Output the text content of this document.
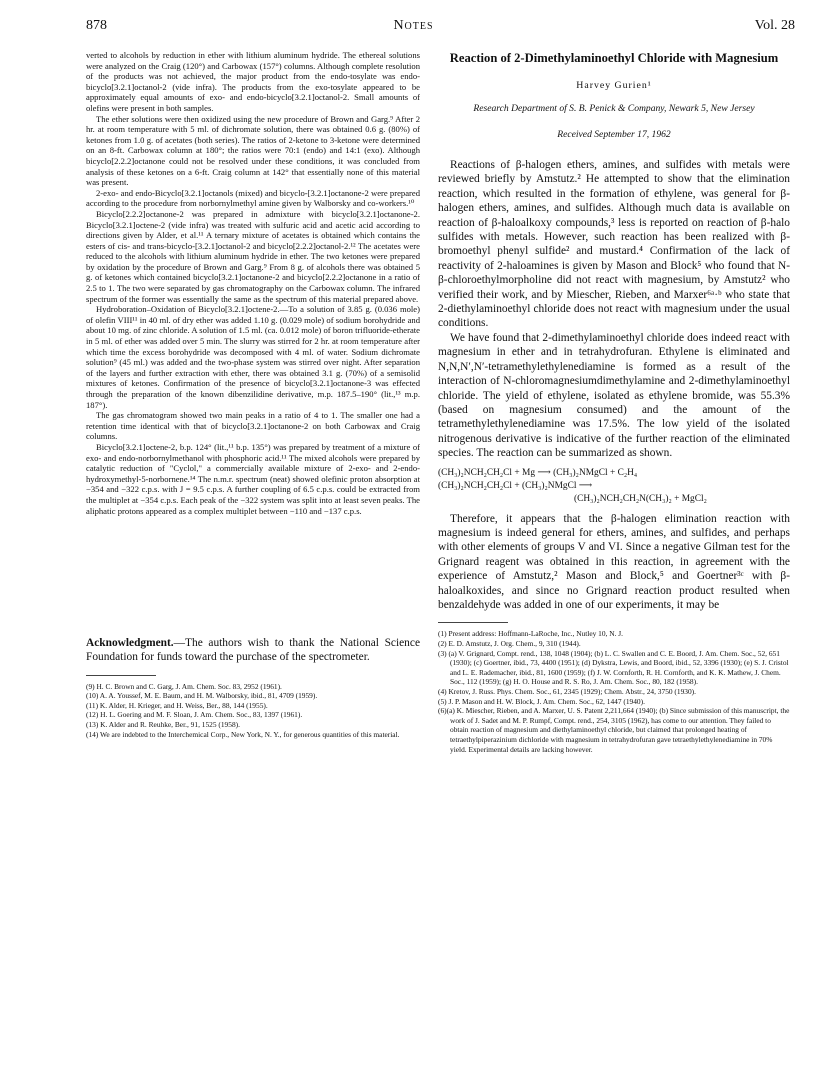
878	Notes	Vol. 28

verted to alcohols by reduction in ether with lithium aluminum hydride. The ethereal solutions were analyzed on the Craig (120°) and Carbowax (157°) columns. Although complete resolution of the products was not achieved, the major product from the endo-tosylate was endo-bicyclo[3.2.1]octanol-2 (vide infra). The products from the exo-tosylate appeared to be approximately equal amounts of exo- and endo-bicyclo[3.2.1]octanol-2. Small amounts of olefins were present in both samples.

The ether solutions were then oxidized using the new procedure of Brown and Garg.⁹ After 2 hr. at room temperature with 5 ml. of dichromate solution, there was obtained 0.6 g. (80%) of ketones from 1.0 g. of acetates (both series). The ratios of 2-ketone to 3-ketone were determined on an 8-ft. Carbowax column at 180°; the ratios were 70:1 (endo) and 14:1 (exo). Although bicyclo[2.2.2]octanone could not be resolved under these conditions, it was concluded from analysis of these ketones on a 6-ft. Craig column at 142° that essentially none of this material was present.

2-exo- and endo-Bicyclo[3.2.1]octanols (mixed) and bicyclo-[3.2.1]octanone-2 were prepared according to the procedure from norbornylmethyl amine given by Walborsky and co-workers.¹⁰

Bicyclo[2.2.2]octanone-2 was prepared in admixture with bicyclo[3.2.1]octanone-2. Bicyclo[3.2.1]octene-2 (vide infra) was treated with sulfuric acid and acetic acid according to directions given by Alder, et al.¹¹ A ternary mixture of acetates is obtained which contains the esters of cis- and trans-bicyclo-[3.2.1]octanol-2 and bicyclo[2.2.2]octanol-2.¹² The acetates were reduced to the alcohols with lithium aluminum hydride in ether. The two ketones were prepared by oxidation by the procedure of Brown and Garg.⁹ From 8 g. of alcohols there was obtained 5 g. of ketones which contained bicyclo[3.2.1]octanone-2 and bicyclo[2.2.2]octanone in a ratio of 2.5 to 1. The two were separated by gas chromatography on the Carbowax column. The infrared spectrum of the former was essentially the same as the spectrum of this material prepared above.

Hydroboration–Oxidation of Bicyclo[3.2.1]octene-2.—To a solution of 3.85 g. (0.036 mole) of olefin VIII¹¹ in 40 ml. of dry ether was added 1.10 g. (0.029 mole) of sodium borohydride and about 10 mg. of zinc chloride. A solution of 1.5 ml. (ca. 0.012 mole) of boron trifluoride-etherate in 5 ml. of ether was added over 5 min. The slurry was stirred for 2 hr. at room temperature after which time the excess borohydride was decomposed with 4 ml. of water. Sodium dichromate solution⁹ (45 ml.) was added and the two-phase system was stirred over night. After separation of the layers and further extraction with ether, there was obtained 3.1 g. (70%) of a semisolid mixtures of ketones. Confirmation of the presence of bicyclo[3.2.1]octanone-3 was effected through the preparation of the known dibenzilidine derivative, m.p. 187.5–190° (lit.,¹³ m.p. 187°).

The gas chromatogram showed two main peaks in a ratio of 4 to 1. The smaller one had a retention time identical with that of bicyclo[3.2.1]octanone-2 on both Carbowax and Craig columns.

Bicyclo[3.2.1]octene-2, b.p. 124° (lit.,¹¹ b.p. 135°) was prepared by treatment of a mixture of exo- and endo-norbornylmethanol with phosphoric acid.¹¹ The mixed alcohols were prepared by catalytic reduction of "Cyclol," a commercially available mixture of 2-exo- and 2-endo-hydroxymethyl-5-norbornene.¹⁴ The n.m.r. spectrum (neat) showed olefinic proton absorption at −354 and −322 c.p.s. with J = 9.5 c.p.s. A further coupling of 6.5 c.p.s. could be extracted from the multiplet at −354 c.p.s. Each peak of the −322 system was split into at least seven peaks. The aliphatic protons appeared as a complex multiplet between −110 and −137 c.p.s.

Acknowledgment.—The authors wish to thank the National Science Foundation for funds toward the purchase of the spectrometer.
(9) H. C. Brown and C. Garg, J. Am. Chem. Soc. 83, 2952 (1961).
(10) A. A. Youssef, M. E. Baum, and H. M. Walborsky, ibid., 81, 4709 (1959).
(11) K. Alder, H. Krieger, and H. Weiss, Ber., 88, 144 (1955).
(12) H. L. Goering and M. F. Sloan, J. Am. Chem. Soc., 83, 1397 (1961).
(13) K. Alder and R. Reuhke, Ber., 91, 1525 (1958).
(14) We are indebted to the Interchemical Corp., New York, N. Y., for generous quantities of this material.
Reaction of 2-Dimethylaminoethyl Chloride with Magnesium
Harvey Gurien¹
Research Department of S. B. Penick & Company, Newark 5, New Jersey
Received September 17, 1962

Reactions of β-halogen ethers, amines, and sulfides with metals were reviewed briefly by Amstutz.² He attempted to show that the elimination reaction, which resulted in the formation of ethylene, was general for β-halogen ethers, amines, and sulfides. Although much data is available on reaction of β-haloalkoxy compounds,³ less is reported on reaction of β-halo sulfides with metals. However, such reaction has been realized with β-bromoethyl phenyl sulfide² and mustard.⁴ Confirmation of the lack of reactivity of 2-haloamines is given by Mason and Block⁵ who found that N-β-chloroethylmorpholine did not react with magnesium, by Amstutz² who verified their work, and by Miescher, Rieben, and Marxer⁶ᵃ·ᵇ who state that 2-diethylaminoethyl chloride does not react with magnesium under the usual conditions.

We have found that 2-dimethylaminoethyl chloride does indeed react with magnesium in ether and in tetrahydrofuran. Ethylene is eliminated and N,N,N′,N′-tetramethylethylenediamine is formed as a result of the interaction of N-chloromagnesiumdimethylamine and 2-dimethylaminoethyl chloride. The yield of ethylene, isolated as ethylene bromide, was 55.3% (based on magnesium consumed) and the amount of the tetramethylethylenediamine was 17.5%. The low yield of the isolated nitrogenous derivative is indicative of the further reaction of the eliminated species. The reaction can be summarized as shown.

(CH₃)₂NCH₂CH₂Cl + Mg ⟶ (CH₃)₂NMgCl + C₂H₄
(CH₃)₂NCH₂CH₂Cl + (CH₃)₂NMgCl ⟶
(CH₃)₂NCH₂CH₂N(CH₃)₂ + MgCl₂

Therefore, it appears that the β-halogen elimination reaction with magnesium is indeed general for ethers, amines, and sulfides, and perhaps with other elements of groups V and VI. Since a negative Gilman test for the Grignard reagent was obtained in this reaction, in agreement with the experience of Amstutz,² Mason and Block,⁵ and Goertner³ᶜ with β-haloalkoxides, and since no Grignard reaction product resulted when benzaldehyde was added in one of our experiments, it may be

(1) Present address: Hoffmann-LaRoche, Inc., Nutley 10, N. J.
(2) E. D. Amstutz, J. Org. Chem., 9, 310 (1944).
(3) (a) V. Grignard, Compt. rend., 138, 1048 (1904); (b) L. C. Swallen and C. E. Boord, J. Am. Chem. Soc., 52, 651 (1930); (c) Goertner, ibid., 73, 4400 (1951); (d) Dykstra, Lewis, and Boord, ibid., 52, 3396 (1930); (e) S. J. Cristol and L. E. Rademacher, ibid., 81, 1600 (1959); (f) J. W. Cornforth, R. H. Cornforth, and K. K. Mathew, J. Chem. Soc., 112 (1959); (g) H. O. House and R. S. Ro, J. Am. Chem. Soc., 80, 182 (1958).
(4) Kretov, J. Russ. Phys. Chem. Soc., 61, 2345 (1929); Chem. Abstr., 24, 3750 (1930).
(5) J. P. Mason and H. W. Block, J. Am. Chem. Soc., 62, 1447 (1940).
(6)(a) K. Miescher, Rieben, and A. Marxer, U. S. Patent 2,211,664 (1940); (b) Since submission of this manuscript, the work of J. Sadet and M. P. Rumpf, Compt. rend., 254, 3105 (1962), has come to our attention. They failed to obtain reaction of magnesium and diethylaminoethyl chloride, but claimed that prolonged heating of tetraethylpiperazinium dichloride with magnesium in tetrahydrofuran gave tetraethylethylenediamine in 70% yield. Experimental details are lacking however.
